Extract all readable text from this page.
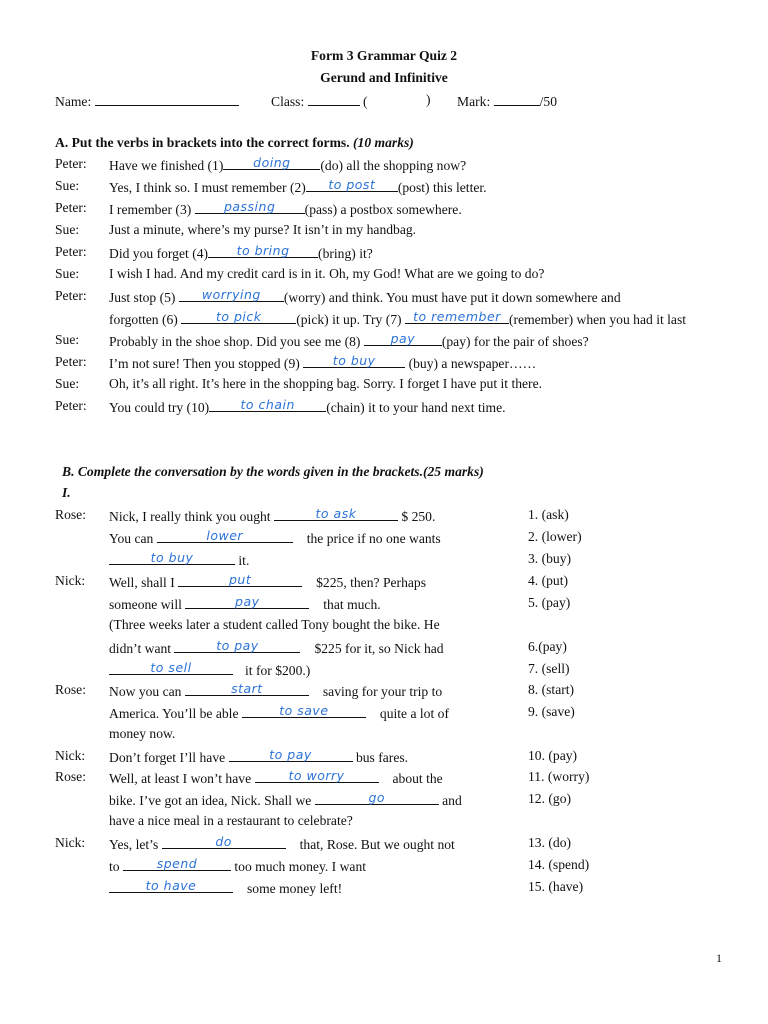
Form 3 Grammar Quiz 2
Gerund and Infinitive
Name:	Class:	(	) Mark:	/50
A. Put the verbs in brackets into the correct forms. (10 marks)
Peter: Have we finished (1)	doing	(do) all the shopping now?
Sue: Yes, I think so. I must remember (2)	to post	(post) this letter.
Peter: I remember (3)	passing	(pass) a postbox somewhere.
Sue: Just a minute, where’s my purse? It isn’t in my handbag.
Peter: Did you forget (4)	to bring	(bring) it?
Sue: I wish I had. And my credit card is in it. Oh, my God! What are we going to do?
Peter: Just stop (5)	worrying	(worry) and think. You must have put it down somewhere and
forgotten (6)	to pick	(pick) it up. Try (7) to remember (remember) when you had it last
Sue: Probably in the shoe shop. Did you see me (8)	pay	(pay) for the pair of shoes?
Peter: I’m not sure! Then you stopped (9)	to buy	(buy) a newspaper……
Sue: Oh, it’s all right. It’s here in the shopping bag. Sorry. I forget I have put it there.
Peter: You could try (10)	to chain	(chain) it to your hand next time.
B. Complete the conversation by the words given in the brackets.(25 marks)
I.
Rose: Nick, I really think you ought	to ask	$ 250.	1. (ask)
You can	lower	the price if no one wants	2. (lower)
to buy	it.	3. (buy)
Nick: Well, shall I	put	$225, then? Perhaps	4. (put)
someone will	pay	that much.	5. (pay)
(Three weeks later a student called Tony bought the bike. He
didn’t want	to pay	$225 for it, so Nick had	6.(pay)
to sell	it for $200.)	7. (sell)
Rose: Now you can	start	saving for your trip to	8. (start)
America. You’ll be able	to save	quite a lot of	9. (save)
money now.
Nick: Don’t forget I’ll have	to pay	bus fares.	10. (pay)
Rose: Well, at least I won’t have	to worry	about the	11. (worry)
bike. I’ve got an idea, Nick. Shall we	go	and	12. (go)
have a nice meal in a restaurant to celebrate?
Nick: Yes, let’s	do	that, Rose. But we ought not	13. (do)
to	spend	too much money. I want	14. (spend)
to have	some money left!	15. (have)
1
